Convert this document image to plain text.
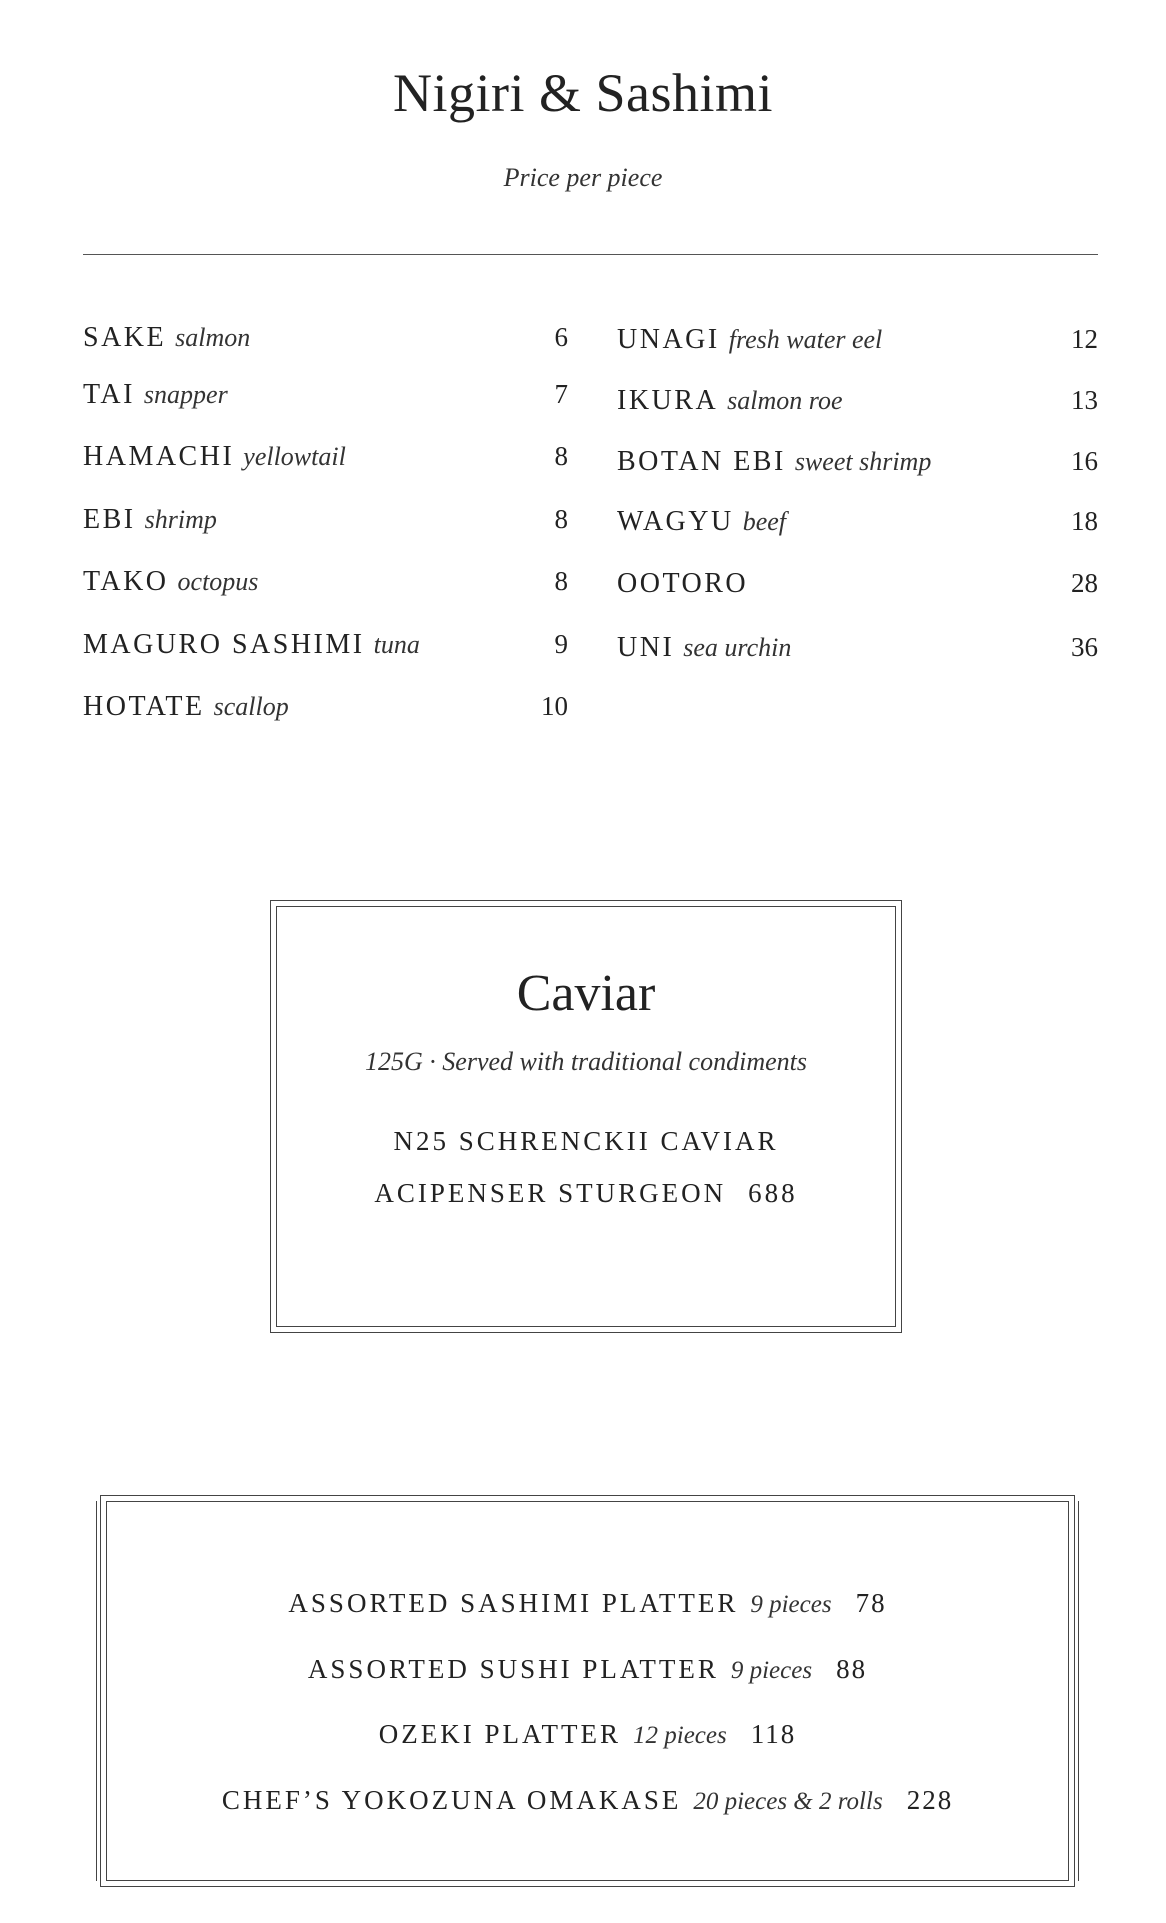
Nigiri & Sashimi
Price per piece
SAKE salmon	6
TAI snapper	7
HAMACHI yellowtail	8
EBI shrimp	8
TAKO octopus	8
MAGURO SASHIMI tuna	9
HOTATE scallop	10
UNAGI fresh water eel	12
IKURA salmon roe	13
BOTAN EBI sweet shrimp	16
WAGYU beef	18
OOTORO	28
UNI sea urchin	36
Caviar
125G · Served with traditional condiments
N25 SCHRENCKII CAVIAR
ACIPENSER STURGEON 688
ASSORTED SASHIMI PLATTER 9 pieces 78
ASSORTED SUSHI PLATTER 9 pieces 88
OZEKI PLATTER 12 pieces 118
CHEF’S YOKOZUNA OMAKASE 20 pieces & 2 rolls 228
